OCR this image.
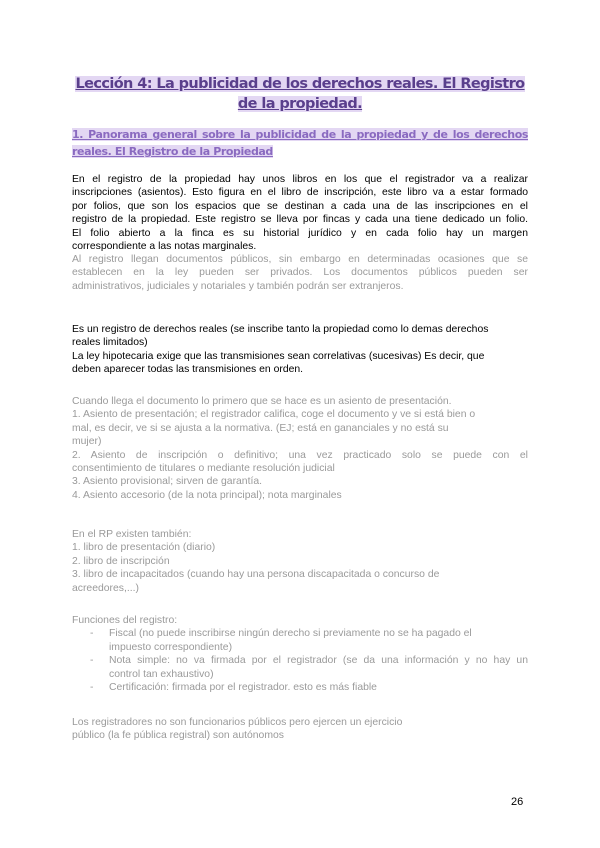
Lección 4: La publicidad de los derechos reales. El Registro de la propiedad.
1. Panorama general sobre la publicidad de la propiedad y de los derechos reales. El Registro de la Propiedad
En el registro de la propiedad hay unos libros en los que el registrador va a realizar
inscripciones (asientos). Esto figura en el libro de inscripción, este libro va a estar formado
por folios, que son los espacios que se destinan a cada una de las inscripciones en el
registro de la propiedad. Este registro se lleva por fincas y cada una tiene dedicado un folio.
El folio abierto a la finca es su historial jurídico y en cada folio hay un margen
correspondiente a las notas marginales.
Al registro llegan documentos públicos, sin embargo en determinadas ocasiones que se
establecen en la ley pueden ser privados. Los documentos públicos pueden ser
administrativos, judiciales y notariales y también podrán ser extranjeros.
Es un registro de derechos reales (se inscribe tanto la propiedad como lo demas derechos
reales limitados)
La ley hipotecaria exige que las transmisiones sean correlativas (sucesivas) Es decir, que
deben aparecer todas las transmisiones en orden.
Cuando llega el documento lo primero que se hace es un asiento de presentación.
1. Asiento de presentación; el registrador califica, coge el documento y ve si está bien o
mal, es decir, ve si se ajusta a la normativa. (EJ; está en gananciales y no está su
mujer)
2. Asiento de inscripción o definitivo; una vez practicado solo se puede con el
consentimiento de titulares o mediante resolución judicial
3. Asiento provisional; sirven de garantía.
4. Asiento accesorio (de la nota principal); nota marginales
En el RP existen también:
1. libro de presentación (diario)
2. libro de inscripción
3. libro de incapacitados (cuando hay una persona discapacitada o concurso de
acreedores,...)
Funciones del registro:
- Fiscal (no puede inscribirse ningún derecho si previamente no se ha pagado el
impuesto correspondiente)
- Nota simple: no va firmada por el registrador (se da una información y no hay un
control tan exhaustivo)
- Certificación: firmada por el registrador. esto es más fiable
Los registradores no son funcionarios públicos pero ejercen un ejercicio
público (la fe pública registral) son autónomos
26
